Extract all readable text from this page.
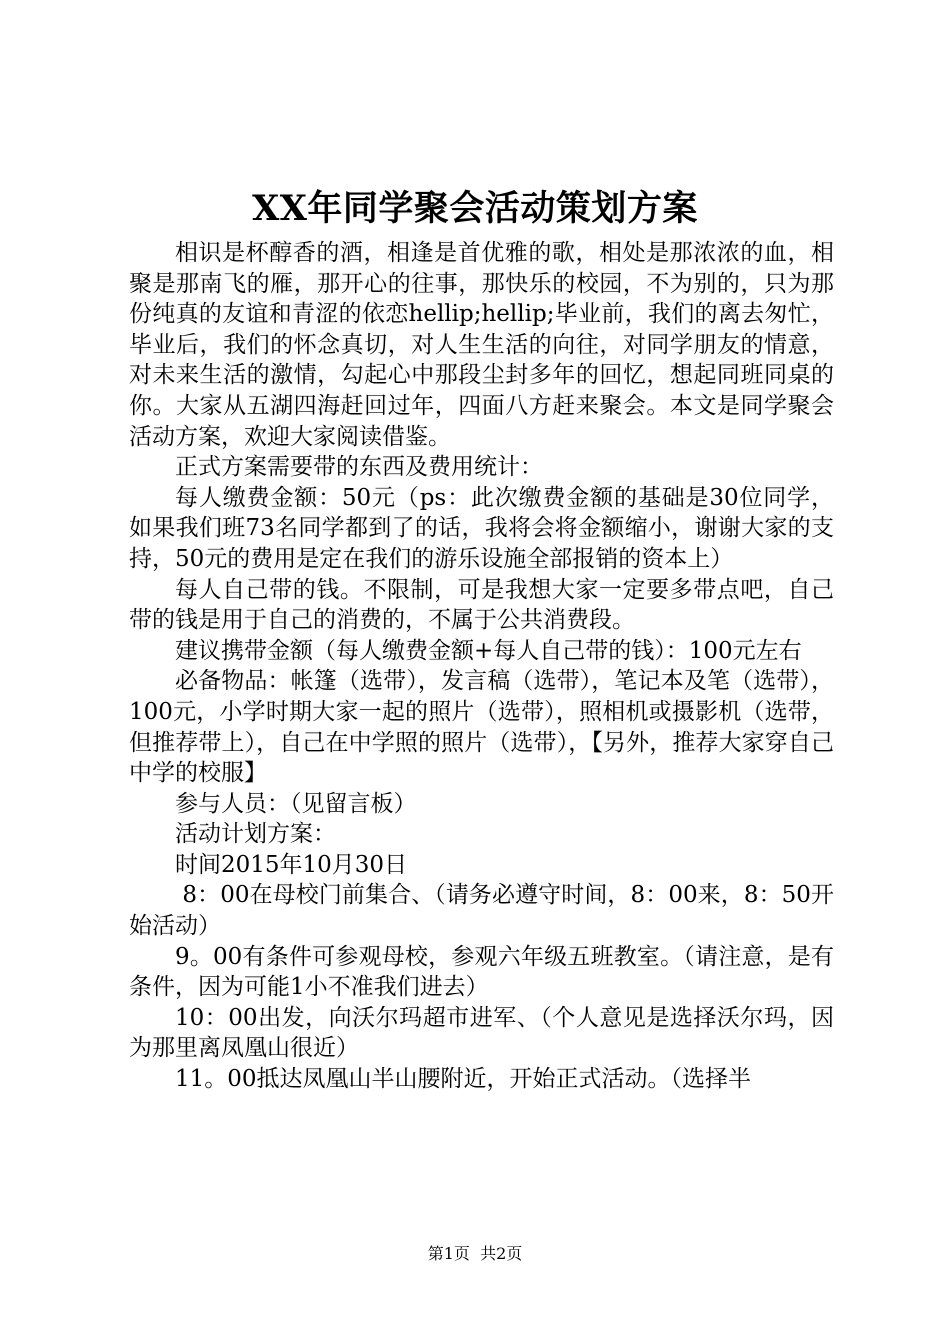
XX年同学聚会活动策划方案

相识是杯醇香的酒，相逢是首优雅的歌，相处是那浓浓的血，相聚是那南飞的雁，那开心的往事，那快乐的校园，不为别的，只为那份纯真的友谊和青涩的依恋hellip;hellip;毕业前，我们的离去匆忙，毕业后，我们的怀念真切，对人生生活的向往，对同学朋友的情意，对未来生活的激情，勾起心中那段尘封多年的回忆，想起同班同桌的你。大家从五湖四海赶回过年，四面八方赶来聚会。本文是同学聚会活动方案，欢迎大家阅读借鉴。

正式方案需要带的东西及费用统计：

每人缴费金额：50元（ps：此次缴费金额的基础是30位同学，如果我们班73名同学都到了的话，我将会将金额缩小，谢谢大家的支持，50元的费用是定在我们的游乐设施全部报销的资本上）

每人自己带的钱。不限制，可是我想大家一定要多带点吧，自己带的钱是用于自己的消费的，不属于公共消费段。

建议携带金额（每人缴费金额+每人自己带的钱）：100元左右

必备物品：帐篷（选带），发言稿（选带），笔记本及笔（选带），100元，小学时期大家一起的照片（选带），照相机或摄影机（选带，但推荐带上），自己在中学照的照片（选带），【另外，推荐大家穿自己中学的校服】

参与人员：（见留言板）

活动计划方案：

时间2015年10月30日

8：00在母校门前集合、（请务必遵守时间，8：00来，8：50开始活动）

9。00有条件可参观母校，参观六年级五班教室。（请注意，是有条件，因为可能1小不准我们进去）

10：00出发，向沃尔玛超市进军、（个人意见是选择沃尔玛，因为那里离凤凰山很近）

11。00抵达凤凰山半山腰附近，开始正式活动。（选择半

第1页  共2页
